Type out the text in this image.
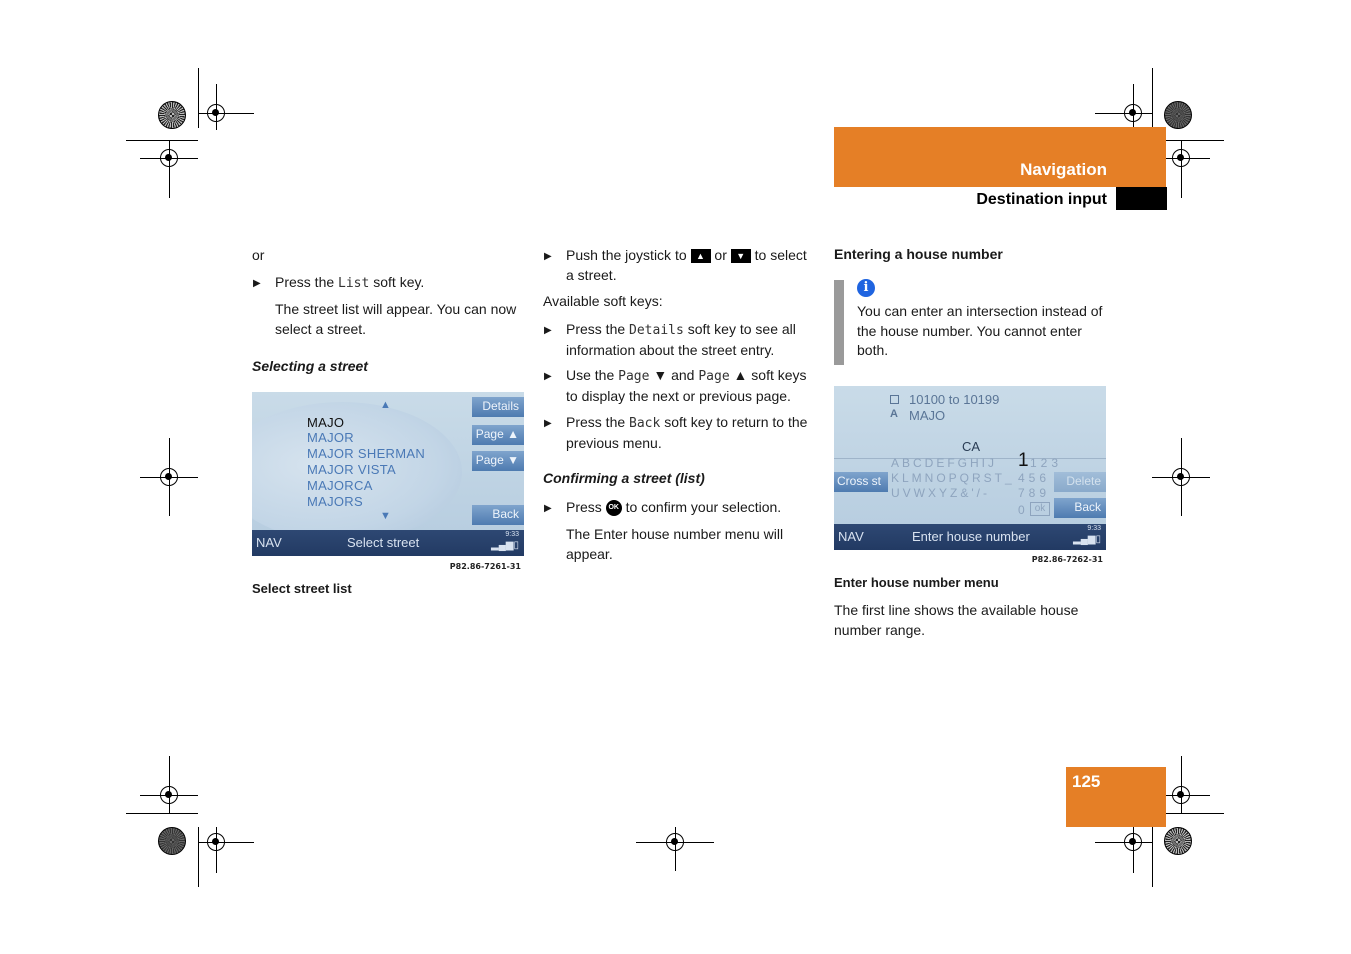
Navigation
Destination input
or
▶ Press the List soft key.
The street list will appear. You can now select a street.
Selecting a street
▲
MAJO
MAJOR
MAJOR SHERMAN
MAJOR VISTA
MAJORCA
MAJORS
▼
Details
Page ▲
Page ▼
Back
NAV	Select street
9:33
▂▄▆▯
P82.86-7261-31
Select street list
▶ Push the joystick to ▲ or ▼ to select a street.
Available soft keys:
▶ Press the Details soft key to see all information about the street entry.
▶ Use the Page ▼ and Page ▲ soft keys to display the next or previous page.
▶ Press the Back soft key to return to the previous menu.
Confirming a street (list)
▶ Press OK to confirm your selection.
The Enter house number menu will appear.
Entering a house number
i
You can enter an intersection instead of the house number. You cannot enter both.
10100 to 10199
A MAJO
CA
ABCDEFGHIJ
KLMNOPQRST_
UVWXYZ&'/-
1 123
456
789
0 ok
Cross st	Delete
Back
NAV	Enter house number
9:33
▂▄▆▯
P82.86-7262-31
Enter house number menu
The first line shows the available house number range.
125
